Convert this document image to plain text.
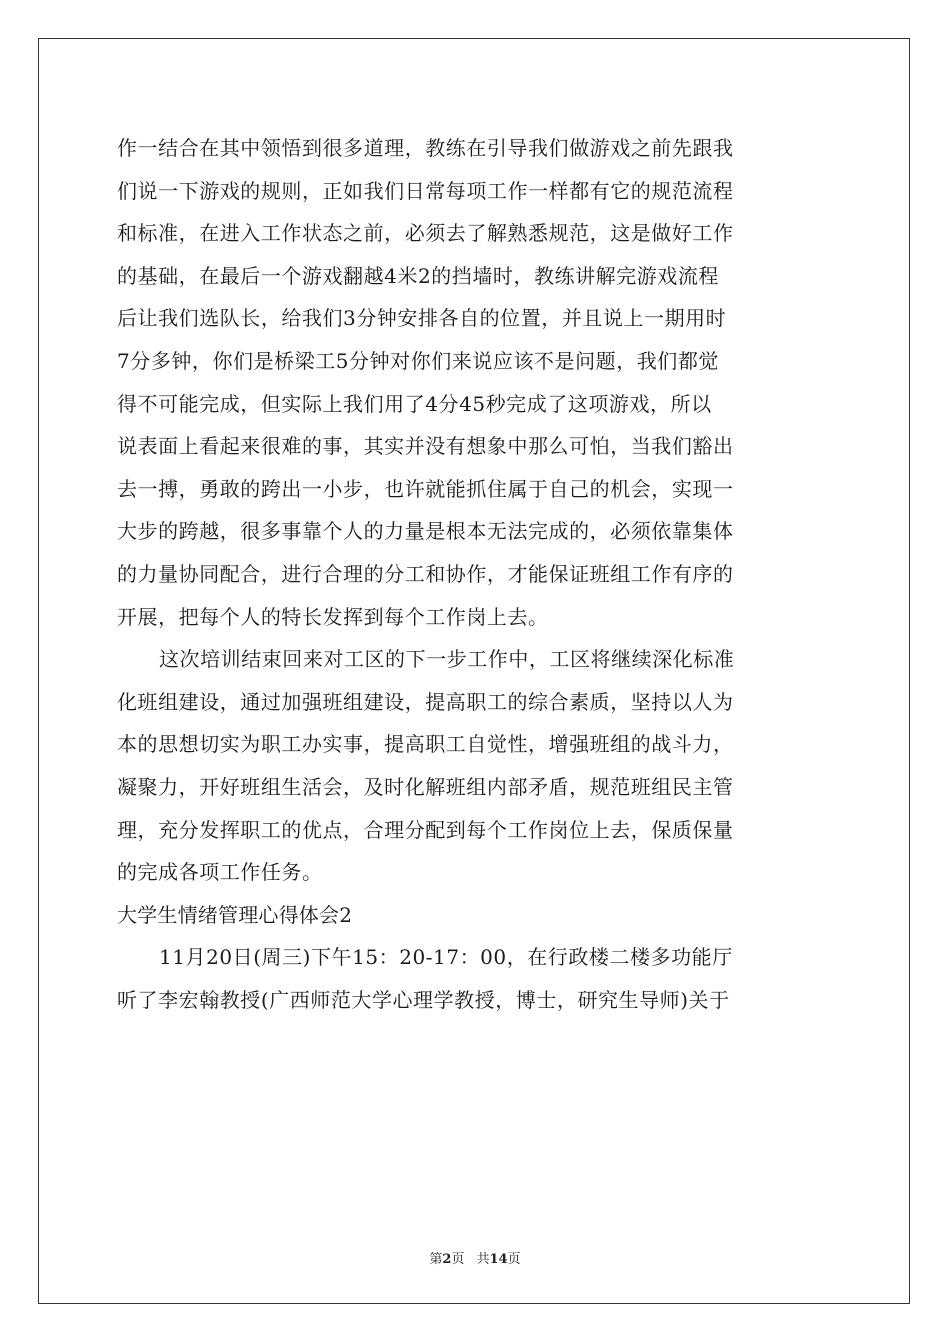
作一结合在其中领悟到很多道理，教练在引导我们做游戏之前先跟我
们说一下游戏的规则，正如我们日常每项工作一样都有它的规范流程
和标准，在进入工作状态之前，必须去了解熟悉规范，这是做好工作
的基础，在最后一个游戏翻越4米2的挡墙时，教练讲解完游戏流程
后让我们选队长，给我们3分钟安排各自的位置，并且说上一期用时
7分多钟，你们是桥梁工5分钟对你们来说应该不是问题，我们都觉
得不可能完成，但实际上我们用了4分45秒完成了这项游戏，所以
说表面上看起来很难的事，其实并没有想象中那么可怕，当我们豁出
去一搏，勇敢的跨出一小步，也许就能抓住属于自己的机会，实现一
大步的跨越，很多事靠个人的力量是根本无法完成的，必须依靠集体
的力量协同配合，进行合理的分工和协作，才能保证班组工作有序的
开展，把每个人的特长发挥到每个工作岗上去。
这次培训结束回来对工区的下一步工作中，工区将继续深化标准
化班组建设，通过加强班组建设，提高职工的综合素质，坚持以人为
本的思想切实为职工办实事，提高职工自觉性，增强班组的战斗力，
凝聚力，开好班组生活会，及时化解班组内部矛盾，规范班组民主管
理，充分发挥职工的优点，合理分配到每个工作岗位上去，保质保量
的完成各项工作任务。
大学生情绪管理心得体会2
11月20日(周三)下午15：20-17：00，在行政楼二楼多功能厅
听了李宏翰教授(广西师范大学心理学教授，博士，研究生导师)关于
第2页 共14页
